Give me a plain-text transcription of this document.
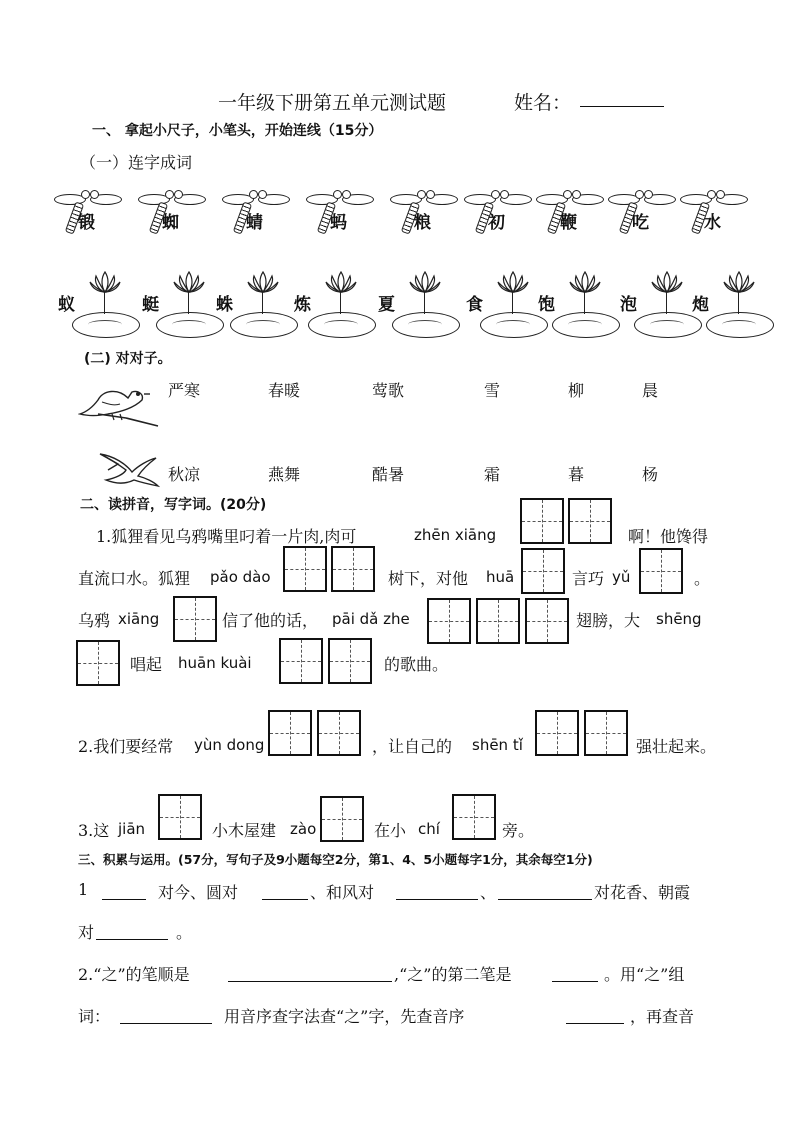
一年级下册第五单元测试题	姓名：
一、 拿起小尺子，小笔头，开始连线（15分）
（一）连字成词
锻	蜘	蜻	蚂	粮	初	鞭	吃	水
蚁	蜓	蛛	炼	夏	食	饱	泡	炮
(二) 对对子。
严寒	春暖	莺歌	雪	柳	晨
秋凉	燕舞	酷暑	霜	暮	杨
二、读拼音，写字词。(20分)
1.狐狸看见乌鸦嘴里叼着一片肉,肉可	zhēn xiāng	啊！他馋得
直流口水。狐狸 pǎo dào	树下，对他 huā	言巧 yǔ	。
乌鸦 xiāng	信了他的话， pāi dǎ zhe	翅膀，大 shēng
唱起 huān kuài	的歌曲。
2.我们要经常 yùn dong	，让自己的 shēn tǐ	强壮起来。
3.这 jiān	小木屋建 zào	在小 chí	旁。
三、积累与运用。(57分，写句子及9小题每空2分，第1、4、5小题每字1分，其余每空1分)
1	对今、圆对	、和风对	、	对花香、朝霞
对	。
2.“之”的笔顺是	,“之”的第二笔是	。用“之”组
词：	用音序查字法查“之”字，先查音序	，再查音
